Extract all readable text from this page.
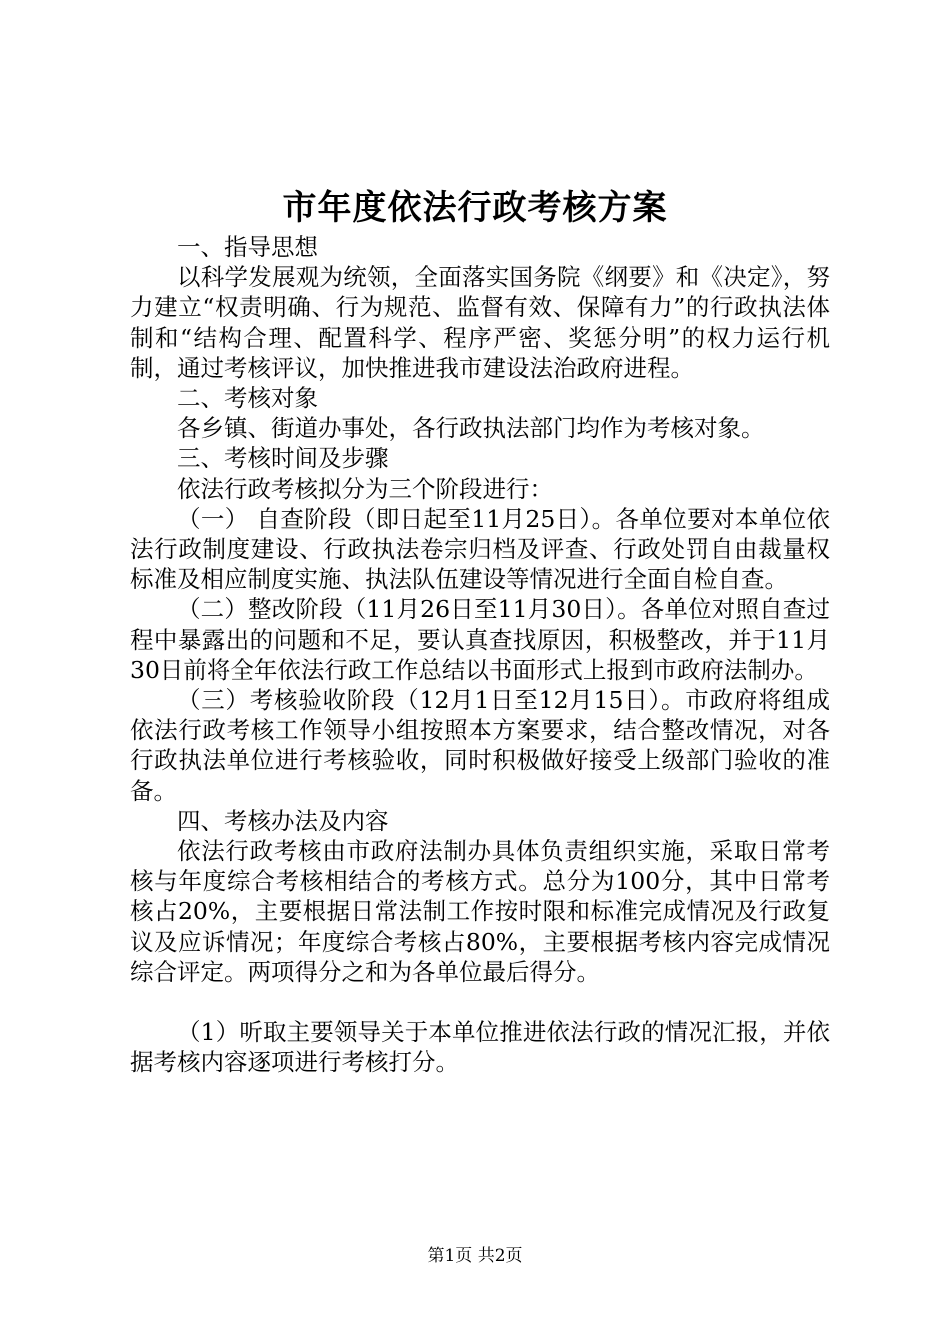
市年度依法行政考核方案

一、指导思想

以科学发展观为统领，全面落实国务院《纲要》和《决定》，努力建立“权责明确、行为规范、监督有效、保障有力”的行政执法体制和“结构合理、配置科学、程序严密、奖惩分明”的权力运行机制，通过考核评议，加快推进我市建设法治政府进程。

二、考核对象

各乡镇、街道办事处，各行政执法部门均作为考核对象。

三、考核时间及步骤

依法行政考核拟分为三个阶段进行：

（一） 自查阶段（即日起至11月25日）。各单位要对本单位依法行政制度建设、行政执法卷宗归档及评查、行政处罚自由裁量权标准及相应制度实施、执法队伍建设等情况进行全面自检自查。

（二）整改阶段（11月26日至11月30日）。各单位对照自查过程中暴露出的问题和不足，要认真查找原因，积极整改，并于11月30日前将全年依法行政工作总结以书面形式上报到市政府法制办。

（三）考核验收阶段（12月1日至12月15日）。市政府将组成依法行政考核工作领导小组按照本方案要求，结合整改情况，对各行政执法单位进行考核验收，同时积极做好接受上级部门验收的准备。

四、考核办法及内容

依法行政考核由市政府法制办具体负责组织实施，采取日常考核与年度综合考核相结合的考核方式。总分为100分，其中日常考核占20%，主要根据日常法制工作按时限和标准完成情况及行政复议及应诉情况；年度综合考核占80%，主要根据考核内容完成情况综合评定。两项得分之和为各单位最后得分。

（1）听取主要领导关于本单位推进依法行政的情况汇报，并依据考核内容逐项进行考核打分。

第1页 共2页
